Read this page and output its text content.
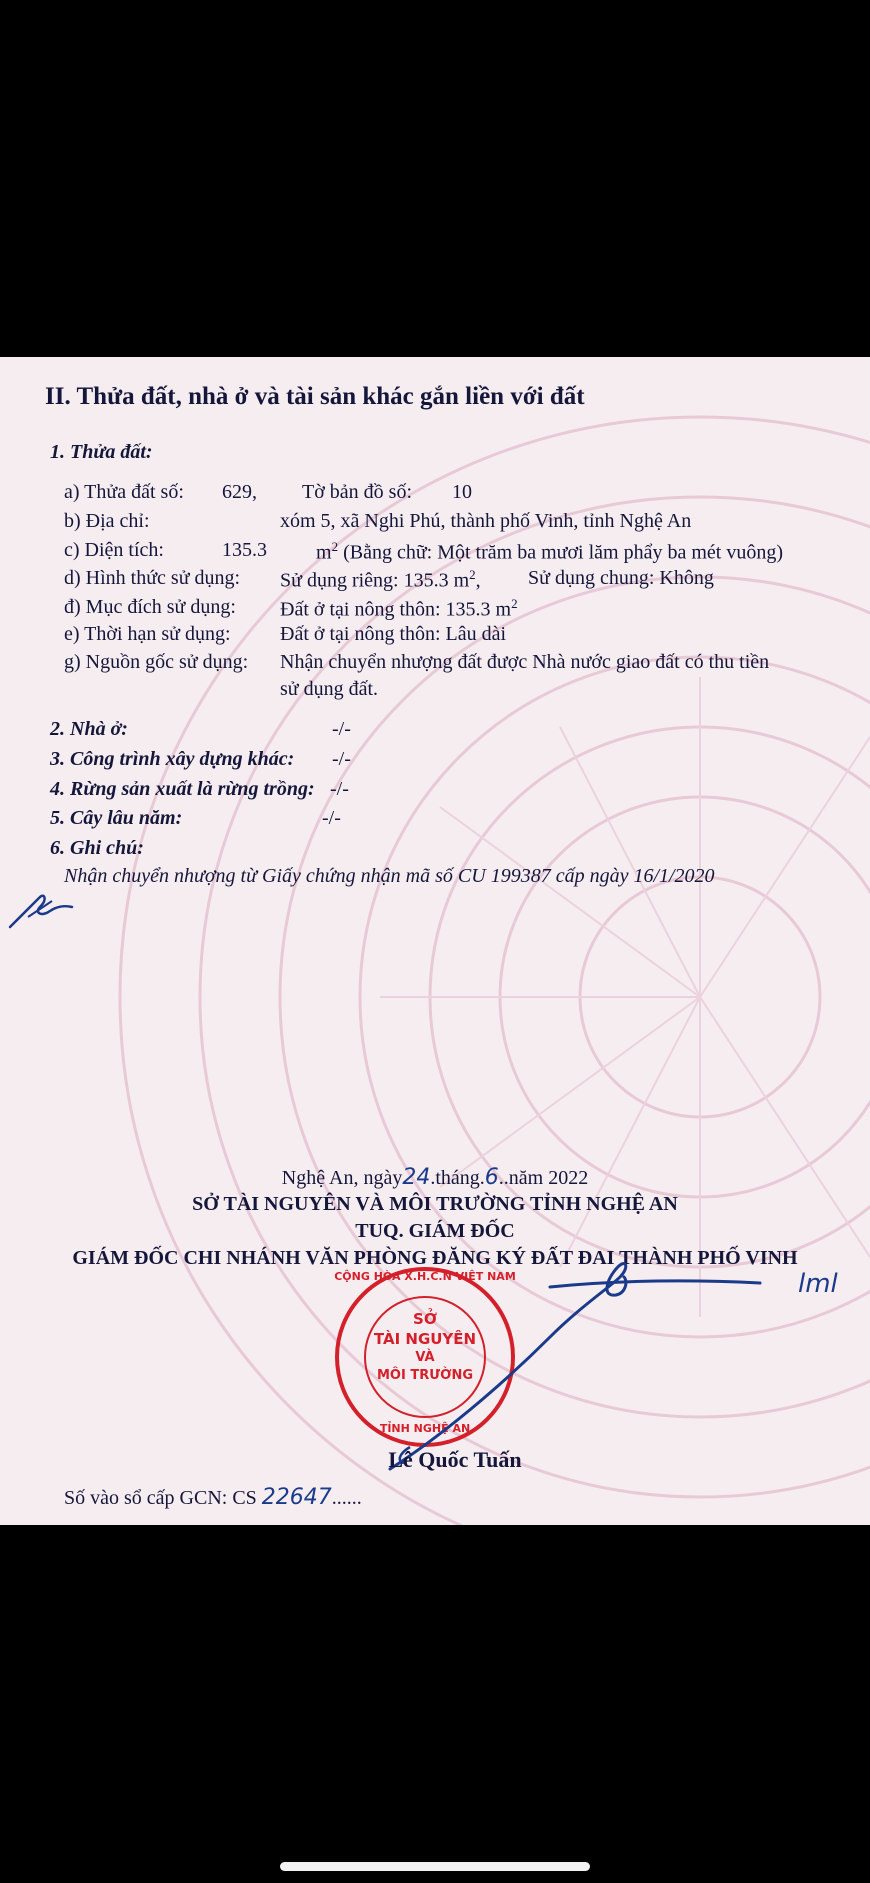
II. Thửa đất, nhà ở và tài sản khác gắn liền với đất
1. Thửa đất:
a) Thửa đất số: 629, Tờ bản đồ số: 10
b) Địa chỉ:	xóm 5, xã Nghi Phú, thành phố Vinh, tỉnh Nghệ An
c) Diện tích:	135.3 $m^2$ (Bằng chữ: Một trăm ba mươi lăm phẩy ba mét vuông)
d) Hình thức sử dụng: Sử dụng riêng: 135.3 $m^2$, Sử dụng chung: Không
đ) Mục đích sử dụng: Đất ở tại nông thôn: 135.3 $m^2$
e) Thời hạn sử dụng: Đất ở tại nông thôn: Lâu dài
g) Nguồn gốc sử dụng: Nhận chuyển nhượng đất được Nhà nước giao đất có thu tiền
sử dụng đất.
2. Nhà ở:	-/-
3. Công trình xây dựng khác: -/-
4. Rừng sản xuất là rừng trồng: -/-
5. Cây lâu năm:	-/-
6. Ghi chú:
Nhận chuyển nhượng từ Giấy chứng nhận mã số CU 199387 cấp ngày 16/1/2020
Nghệ An, ngày24.tháng.6..năm 2022
SỞ TÀI NGUYÊN VÀ MÔI TRƯỜNG TỈNH NGHỆ AN
TUQ. GIÁM ĐỐC
GIÁM ĐỐC CHI NHÁNH VĂN PHÒNG ĐĂNG KÝ ĐẤT ĐAI THÀNH PHỐ VINH
lml
CỘNG HÒA X.H.C.N VIỆT NAM
SỞ
TÀI NGUYÊN
VÀ
MÔI TRƯỜNG
TỈNH NGHỆ AN
Lê Quốc Tuấn
Số vào sổ cấp GCN: CS 22647......
